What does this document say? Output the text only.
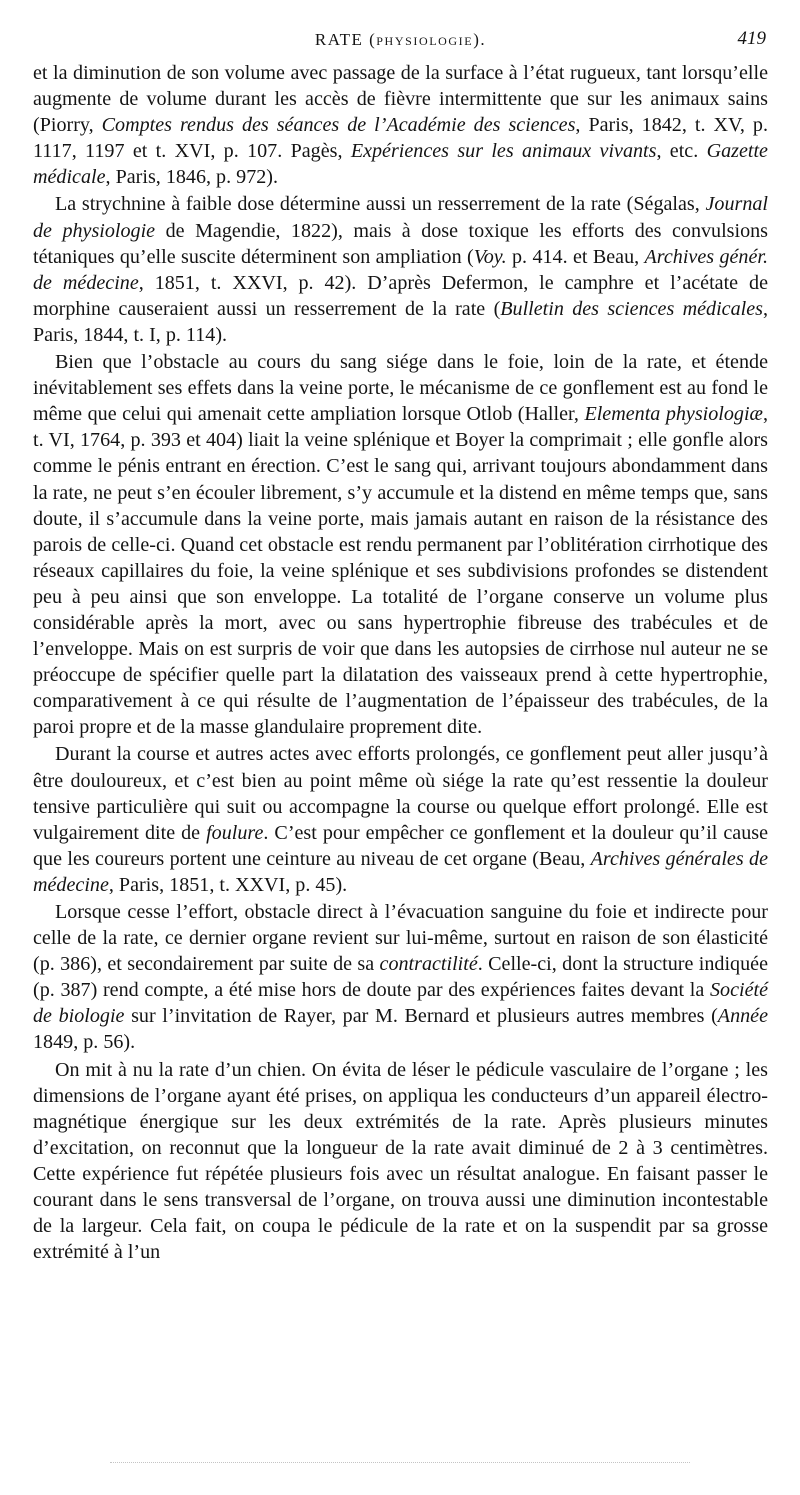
RATE (PHYSIOLOGIE).	419

et la diminution de son volume avec passage de la surface à l’état rugueux, tant lorsqu’elle augmente de volume durant les accès de fièvre intermittente que sur les animaux sains (Piorry, Comptes rendus des séances de l’Académie des sciences, Paris, 1842, t. XV, p. 1117, 1197 et t. XVI, p. 107. Pagès, Expériences sur les animaux vivants, etc. Gazette médicale, Paris, 1846, p. 972).

La strychnine à faible dose détermine aussi un resserrement de la rate (Ségalas, Journal de physiologie de Magendie, 1822), mais à dose toxique les efforts des convulsions tétaniques qu’elle suscite déterminent son ampliation (Voy. p. 414. et Beau, Archives génér. de médecine, 1851, t. XXVI, p. 42). D’après Defermon, le camphre et l’acétate de morphine causeraient aussi un resserrement de la rate (Bulletin des sciences médicales, Paris, 1844, t. I, p. 114).

Bien que l’obstacle au cours du sang siége dans le foie, loin de la rate, et étende inévitablement ses effets dans la veine porte, le mécanisme de ce gonflement est au fond le même que celui qui amenait cette ampliation lorsque Otlob (Haller, Elementa physiologiæ, t. VI, 1764, p. 393 et 404) liait la veine splénique et Boyer la comprimait ; elle gonfle alors comme le pénis entrant en érection. C’est le sang qui, arrivant toujours abondamment dans la rate, ne peut s’en écouler librement, s’y accumule et la distend en même temps que, sans doute, il s’accumule dans la veine porte, mais jamais autant en raison de la résistance des parois de celle-ci. Quand cet obstacle est rendu permanent par l’oblitération cirrhotique des réseaux capillaires du foie, la veine splénique et ses subdivisions profondes se distendent peu à peu ainsi que son enveloppe. La totalité de l’organe conserve un volume plus considérable après la mort, avec ou sans hypertrophie fibreuse des trabécules et de l’enveloppe. Mais on est surpris de voir que dans les autopsies de cirrhose nul auteur ne se préoccupe de spécifier quelle part la dilatation des vaisseaux prend à cette hypertrophie, comparativement à ce qui résulte de l’augmentation de l’épaisseur des trabécules, de la paroi propre et de la masse glandulaire proprement dite.

Durant la course et autres actes avec efforts prolongés, ce gonflement peut aller jusqu’à être douloureux, et c’est bien au point même où siége la rate qu’est ressentie la douleur tensive particulière qui suit ou accompagne la course ou quelque effort prolongé. Elle est vulgairement dite de foulure. C’est pour empêcher ce gonflement et la douleur qu’il cause que les coureurs portent une ceinture au niveau de cet organe (Beau, Archives générales de médecine, Paris, 1851, t. XXVI, p. 45).

Lorsque cesse l’effort, obstacle direct à l’évacuation sanguine du foie et indirecte pour celle de la rate, ce dernier organe revient sur lui-même, surtout en raison de son élasticité (p. 386), et secondairement par suite de sa contractilité. Celle-ci, dont la structure indiquée (p. 387) rend compte, a été mise hors de doute par des expériences faites devant la Société de biologie sur l’invitation de Rayer, par M. Bernard et plusieurs autres membres (Année 1849, p. 56).

On mit à nu la rate d’un chien. On évita de léser le pédicule vasculaire de l’organe ; les dimensions de l’organe ayant été prises, on appliqua les conducteurs d’un appareil électro-magnétique énergique sur les deux extrémités de la rate. Après plusieurs minutes d’excitation, on reconnut que la longueur de la rate avait diminué de 2 à 3 centimètres. Cette expérience fut répétée plusieurs fois avec un résultat analogue. En faisant passer le courant dans le sens transversal de l’organe, on trouva aussi une diminution incontestable de la largeur. Cela fait, on coupa le pédicule de la rate et on la suspendit par sa grosse extrémité à l’un
